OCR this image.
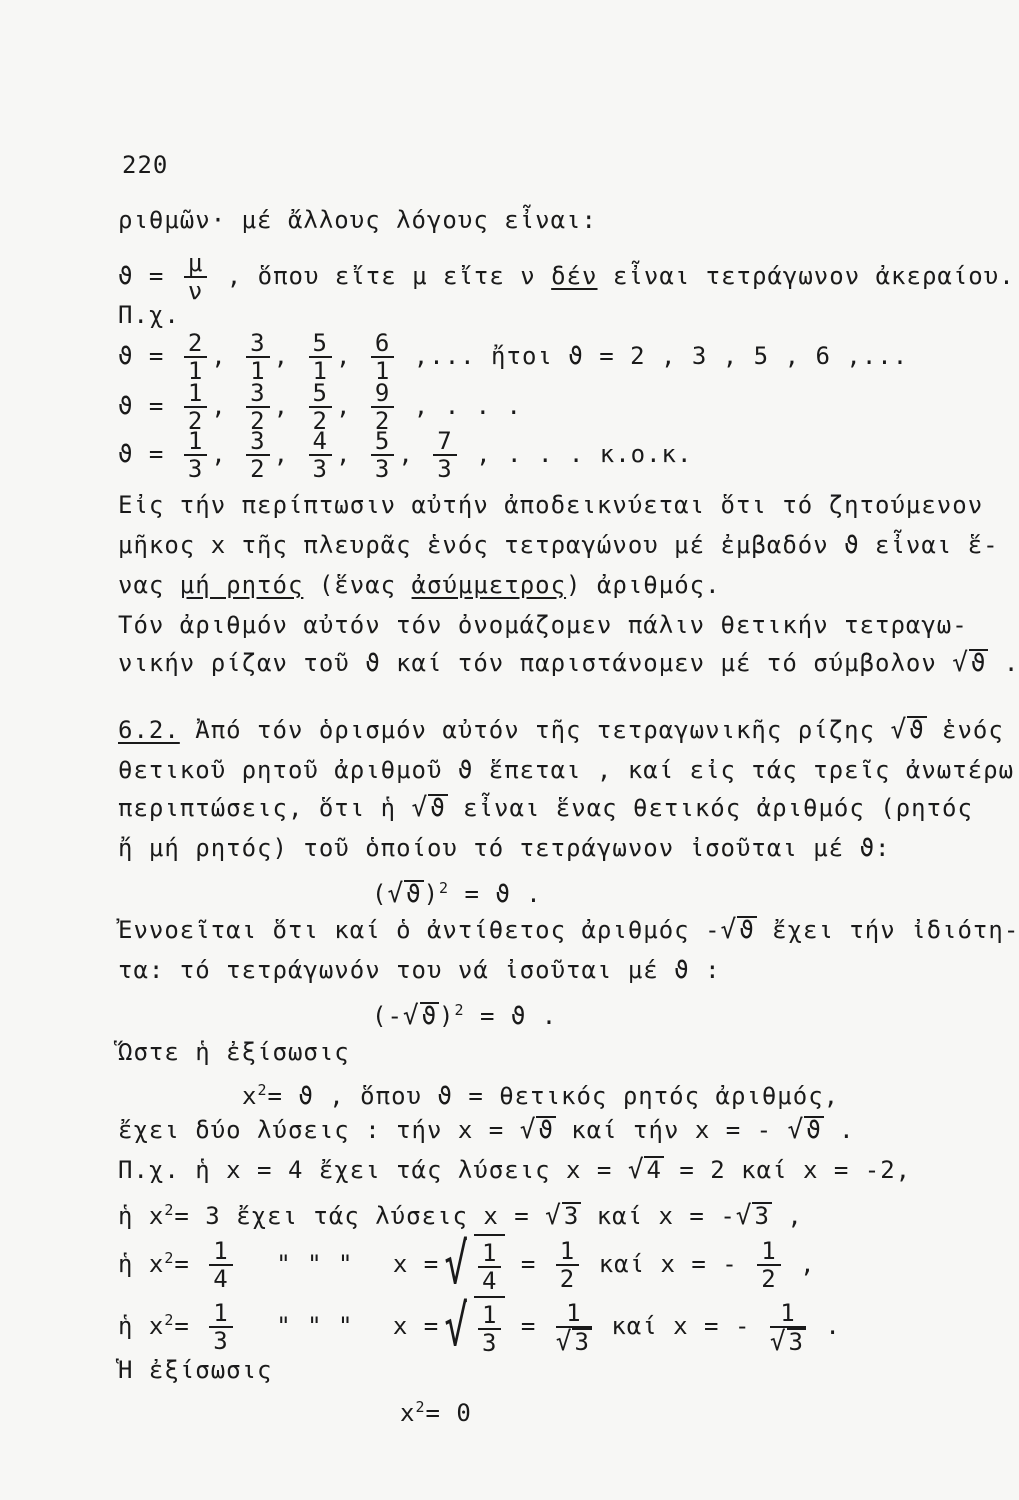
220
ριθμῶν· μέ ἄλλους λόγους εἶναι:
$ϑ = \frac{\mu}{\nu}$ , ὅπου εἴτε μ εἴτε ν δέν εἶναι τετράγωνον ἀκεραίου.
Π.χ.
$ϑ = \frac{2}{1}$ , $\frac{3}{1}$ , $\frac{5}{1}$ , $\frac{6}{1}$ ,... ἤτοι ϑ = 2 , 3 , 5 , 6 ,...
$ϑ = \frac{1}{2}$ , $\frac{3}{2}$ , $\frac{5}{2}$ , $\frac{9}{2}$ , . . .
$ϑ = \frac{1}{3}$ , $\frac{3}{2}$ , $\frac{4}{3}$ , $\frac{5}{3}$ , $\frac{7}{3}$ , . . . κ.ο.κ.
Εἰς τήν περίπτωσιν αὐτήν ἀποδεικνύεται ὅτι τό ζητούμενον
μῆκος x τῆς πλευρᾶς ἑνός τετραγώνου μέ ἐμβαδόν ϑ εἶναι ἕ-
νας μή ρητός (ἕνας ἀσύμμετρος) ἀριθμός.
Τόν ἀριθμόν αὐτόν τόν ὀνομάζομεν πάλιν θετικήν τετραγω-
νικήν ρίζαν τοῦ ϑ καί τόν παριστάνομεν μέ τό σύμβολον √ϑ .
6.2. Ἀπό τόν ὁρισμόν αὐτόν τῆς τετραγωνικῆς ρίζης √ϑ ἑνός
θετικοῦ ρητοῦ ἀριθμοῦ ϑ ἕπεται , καί εἰς τάς τρεῖς ἀνωτέρω
περιπτώσεις, ὅτι ἡ √ϑ εἶναι ἕνας θετικός ἀριθμός (ρητός
ἤ μή ρητός) τοῦ ὁποίου τό τετράγωνον ἰσοῦται μέ ϑ:
$(√ϑ)^2 = ϑ$ .
Ἐννοεῖται ὅτι καί ὁ ἀντίθετος ἀριθμός -√ϑ ἔχει τήν ἰδιότη-
τα: τό τετράγωνόν του νά ἰσοῦται μέ ϑ :
$(-√ϑ)^2 = ϑ$ .
Ὥστε ἡ ἐξίσωσις
$x^2= ϑ$ , ὅπου ϑ = θετικός ρητός ἀριθμός,
ἔχει δύο λύσεις : τήν x = √ϑ καί τήν x = - √ϑ .
Π.χ. ἡ x = 4 ἔχει τάς λύσεις x = √4 = 2 καί x = -2,
ἡ $x^2= 3$ ἔχει τάς λύσεις x = √3 καί x = -√3 ,
ἡ $x^2= \frac{1}{4}$ " " " x =√ $\frac{1}{4} = \frac{1}{2}$ καί x = - $\frac{1}{2}$ ,
ἡ $x^2= \frac{1}{3}$ " " " x =√ $\frac{1}{3} = \frac{1}{√3}$ καί x = - $\frac{1}{√3}$ .
Ἡ ἐξίσωσις
$x^2= 0$
